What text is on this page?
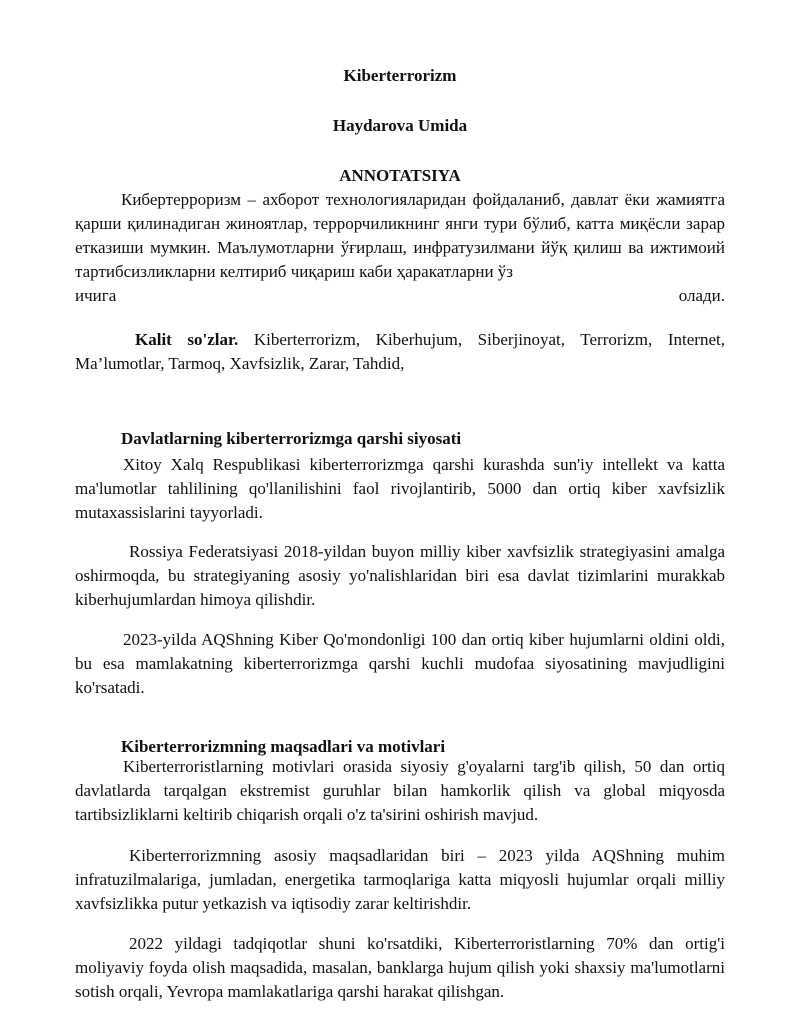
Kiberterrorizm
Haydarova Umida
ANNOTATSIYA
Кибертерроризм – ахборот технологияларидан фойдаланиб, давлат ёки жамиятга қарши қилинадиган жиноятлар, террорчиликнинг янги тури бўлиб, катта миқёсли зарар етказиши мумкин. Маълумотларни ўғирлаш, инфратузилмани йўқ қилиш ва ижтимоий тартибсизликларни келтириб чиқариш каби ҳаракатларни ўз
ичига	олади.
Kalit so'zlar. Kiberterrorizm, Kiberhujum, Siberjinoyat, Terrorizm, Internet, Ma’lumotlar, Tarmoq, Xavfsizlik, Zarar, Tahdid,
Davlatlarning kiberterrorizmga qarshi siyosati
Xitoy Xalq Respublikasi kiberterrorizmga qarshi kurashda sun'iy intellekt va katta ma'lumotlar tahlilining qo'llanilishini faol rivojlantirib, 5000 dan ortiq kiber xavfsizlik mutaxassislarini tayyorladi.
Rossiya Federatsiyasi 2018-yildan buyon milliy kiber xavfsizlik strategiyasini amalga oshirmoqda, bu strategiyaning asosiy yo'nalishlaridan biri esa davlat tizimlarini murakkab kiberhujumlardan himoya qilishdir.
2023-yilda AQShning Kiber Qo'mondonligi 100 dan ortiq kiber hujumlarni oldini oldi, bu esa mamlakatning kiberterrorizmga qarshi kuchli mudofaa siyosatining mavjudligini ko'rsatadi.
Kiberterrorizmning maqsadlari va motivlari
Kiberterroristlarning motivlari orasida siyosiy g'oyalarni targ'ib qilish, 50 dan ortiq davlatlarda tarqalgan ekstremist guruhlar bilan hamkorlik qilish va global miqyosda tartibsizliklarni keltirib chiqarish orqali o'z ta'sirini oshirish mavjud.
Kiberterrorizmning asosiy maqsadlaridan biri – 2023 yilda AQShning muhim infratuzilmalariga, jumladan, energetika tarmoqlariga katta miqyosli hujumlar orqali milliy xavfsizlikka putur yetkazish va iqtisodiy zarar keltirishdir.
2022 yildagi tadqiqotlar shuni ko'rsatdiki, Kiberterroristlarning 70% dan ortig'i moliyaviy foyda olish maqsadida, masalan, banklarga hujum qilish yoki shaxsiy ma'lumotlarni sotish orqali, Yevropa mamlakatlariga qarshi harakat qilishgan.
